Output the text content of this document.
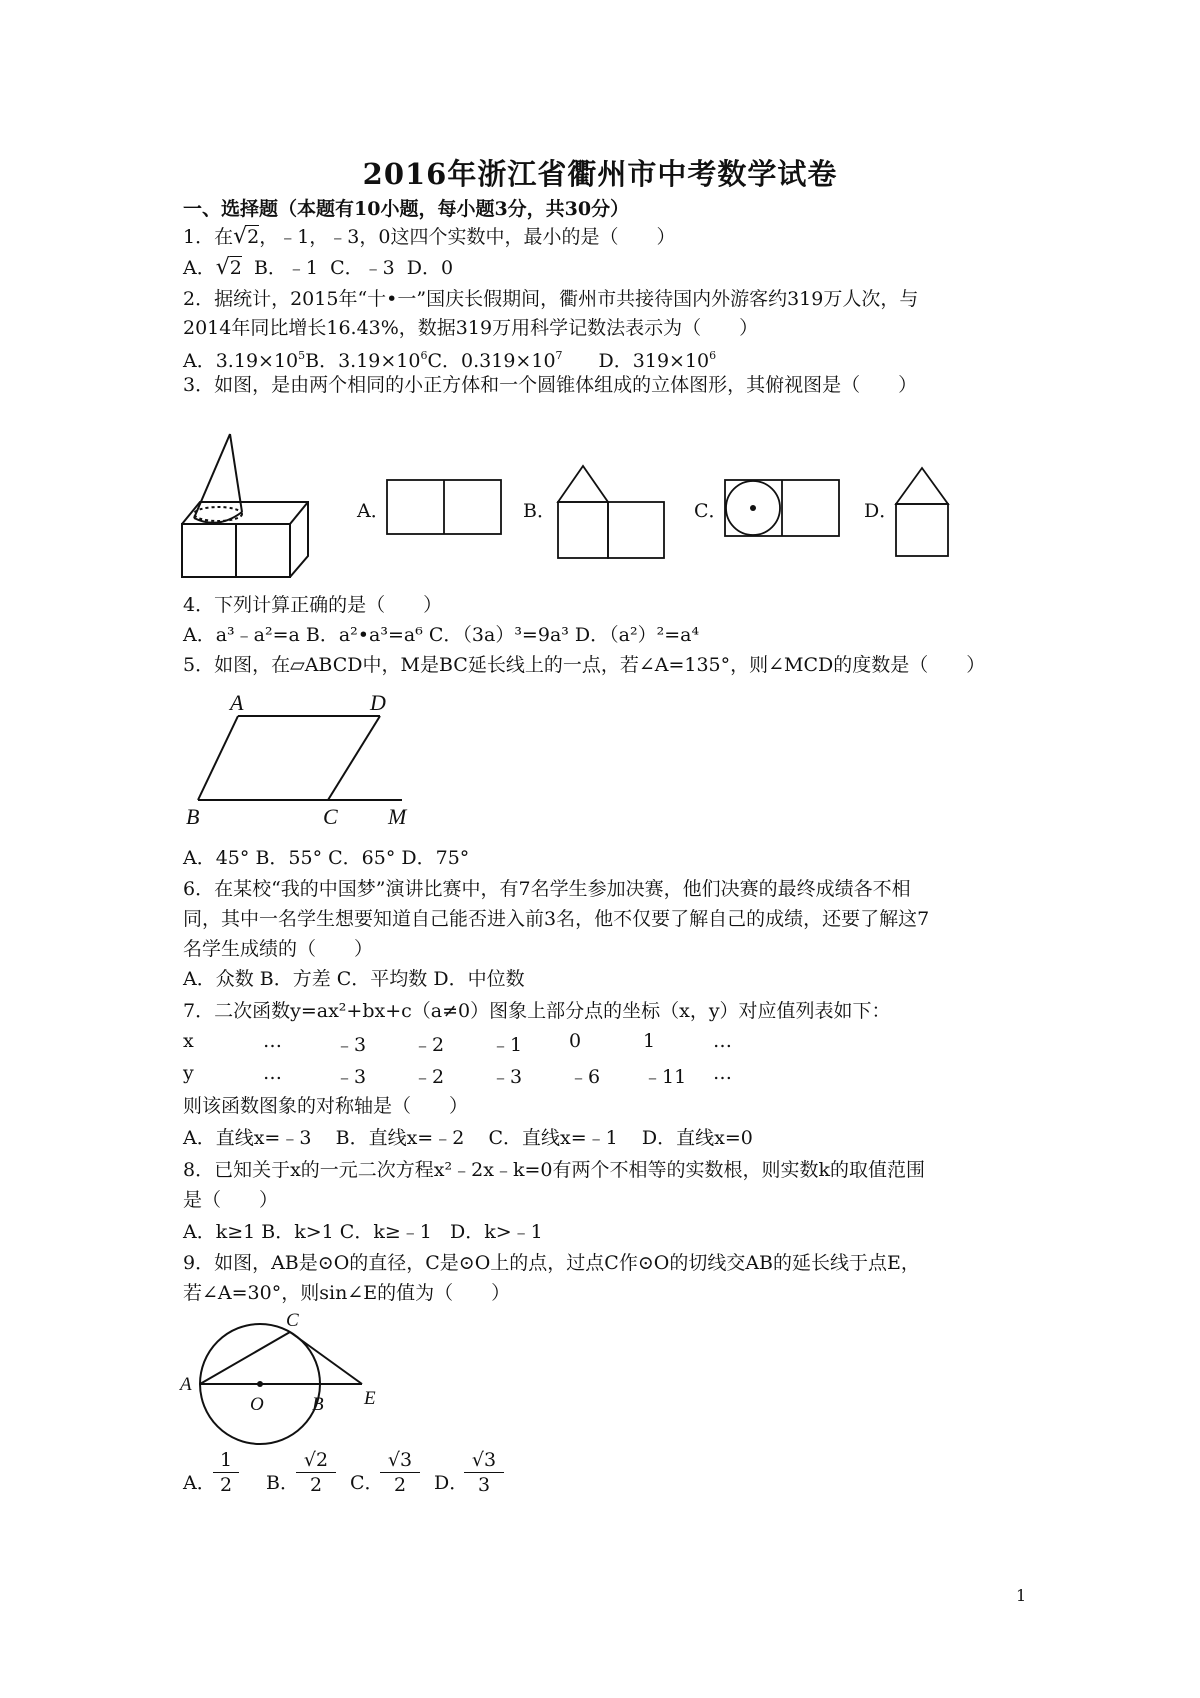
2016年浙江省衢州市中考数学试卷
一、选择题（本题有10小题，每小题3分，共30分）
1．在√2，﹣1，﹣3，0这四个实数中，最小的是（　　）
A．√2  B．﹣1  C．﹣3  D．0
2．据统计，2015年“十•一”国庆长假期间，衢州市共接待国内外游客约319万人次，与
2014年同比增长16.43%，数据319万用科学记数法表示为（　　）
A．$3.19\times 10^5B$．$3.19\times 10^6C$．$0.319\times 10^7$ D．$319\times 10^6$
3．如图，是由两个相同的小正方体和一个圆锥体组成的立体图形，其俯视图是（　　）
A．	B．	C．	D．
4．下列计算正确的是（　　）
A．a³﹣a²=a B．a²•a³=a⁶ C．（3a）³=9a³ D．（a²）²=a⁴
5．如图，在▱ABCD中，M是BC延长线上的一点，若∠A=135°，则∠MCD的度数是（　　）
A	D
B	C M
A．45° B．55° C．65° D．75°
6．在某校“我的中国梦”演讲比赛中，有7名学生参加决赛，他们决赛的最终成绩各不相
同，其中一名学生想要知道自己能否进入前3名，他不仅要了解自己的成绩，还要了解这7
名学生成绩的（　　）
A．众数 B．方差 C．平均数 D．中位数
7．二次函数y=ax²+bx+c（a≠0）图象上部分点的坐标（x，y）对应值列表如下：
x	…	﹣3 ﹣2 ﹣1 0	1	…
y	…	﹣3 ﹣2 ﹣3 ﹣6 ﹣11 …
则该函数图象的对称轴是（　　）
A．直线x=﹣3    B．直线x=﹣2    C．直线x=﹣1    D．直线x=0
8．已知关于x的一元二次方程x²﹣2x﹣k=0有两个不相等的实数根，则实数k的取值范围
是（　　）
A．k≥1 B．k>1 C．k≥﹣1   D．k>﹣1
9．如图，AB是⊙O的直径，C是⊙O上的点，过点C作⊙O的切线交AB的延长线于点E，
若∠A=30°，则sin∠E的值为（　　）
A
O	B E
C
A．
$\frac{1}{2}$ B．
$\frac{√2}{2}$ C．
$\frac{√3}{2}$ D．
$\frac{√3}{3}$
1
